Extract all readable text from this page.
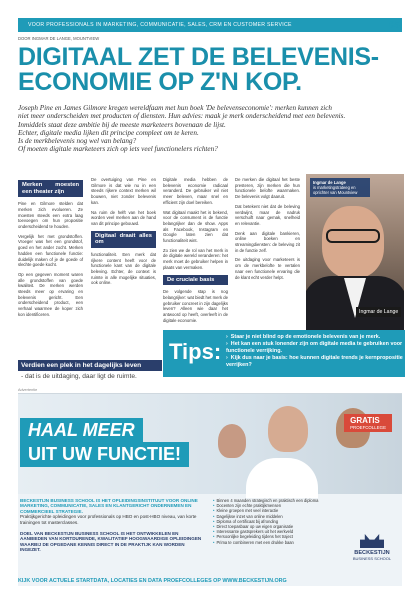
VOOR PROFESSIONALS IN MARKETING, COMMUNICATIE, SALES, CRM EN CUSTOMER SERVICE	05
DOOR INGMAR DE LANGE, MOUNTVIEW
DIGITAAL ZET DE BELEVENIS-ECONOMIE OP Z'N KOP.

Joseph Pine en James Gilmore kregen wereldfaam met hun boek 'De belevenseconomie': merken kunnen zich

niet meer onderscheiden met producten of diensten. Hun advies: maak je merk onderscheidend met een belevenis.

Inmiddels staat deze ambitie bij de meeste marketeers bovenaan de lijst.

Echter, digitale media lijken dit principe compleet om te keren.

Is de merkbelevenis nog wel van belang?

Of moeten digitale marketeers zich op iets veel functionelers richten?

Merken moesten een theater zijn

Pine en Gilmore stelden dat merken zich evolueren. Ze moesten steeds een extra laag toevoegen om hun propositie onderscheidend te houden.

Vergelijk het met grondstoffen. Vroeger was het een grondstof, goed en het ander zocht. Merken hadden een functionele functie: duidelijk maken of je de goede of slechte goede kocht.

Op een gegeven moment waren alle grondstoffen van goede kwaliteit. De merken werden steeds meer op ervaring en belevenis gericht. Een onderscheidend product, een verhaal waarmee de koper zich kon identificeren.

De overtuiging van Pine en Gilmore is dat wie nu in een steeds rijkere context merken wil bouwen, niet zonder belevenis kan.

Na ruim de helft van het boek worden veel merken aan de hand van dit principe gebouwd.

Digitaal draait alles om

functionaliteit. Een merk dat rijkere content heeft voor de functionele kant van de digitale beleving. Echter, de context is ruimte in alle mogelijke situaties, ook online.

Digitale media hebben de belevenis economie radicaal veranderd. De gebruiker wil niet meer beleven, maar snel en efficient zijn doel bereiken.

Wat digitaal maakt het is bekend, voor de consument is de functie belangrijker dan de show. Apps als Facebook, Instagram en Google laten zien dat functionaliteit wint.

Zo zien we de rol van het merk in de digitale wereld veranderen: het merk moet de gebruiker helpen in plaats van vermaken.

De cruciale basis

De volgende stap is nog belangrijker: wat biedt het merk de gebruiker concreet in zijn dagelijks leven? Alleen wie daar het antwoord op heeft, overleeft in de digitale economie.

De merken die digitaal het beste presteren, zijn merken die hun functionele belofte waarmaken. De belevenis volgt daaruit.

Dat betekent niet dat de beleving verdwijnt, maar de nadruk verschuift naar gemak, snelheid en relevantie.

Denk aan digitale bankieren, online boeken en streamingdiensten: de beleving zit in de functie zelf.

De uitdaging voor marketeers is om de merkbelofte te vertalen naar een functionele ervaring die de klant echt verder helpt.

Ingmar de Lange
is marketingstrateeg en oprichter van Mountview
Ingmar de Lange
Verdien een plek in het dagelijks leven
- dat is de uitdaging, daar ligt de ruimte.
Tips:
› Staar je niet blind op de emotionele belevenis van je merk.
› Het kan een stuk lonender zijn om digitale media te gebruiken voor functionele verrijking.
› Kijk dus naar je basis: hoe kunnen digitale trends je kernpropositie verrijken?
Advertentie
HAAL MEER
UIT UW FUNCTIE!
GRATIS
PROEFCOLLEGE
BECKESTIJN BUSINESS SCHOOL IS HET OPLEIDINGSINSTITUUT VOOR ONLINE MARKETING, COMMUNICATIE, SALES EN KLANTGERICHT ONDERNEMEN EN COMMERCIEEL STRATEGIE.
Praktijkgerichte opleidingen voor professionals op HBO en post-HBO niveau, van korte trainingen tot masterclasses.
DOEL VAN BECKESTIJN BUSINESS SCHOOL IS HET ONTWIKKELEN EN AANBIEDEN VAN KORTDURENDE, KWALITATIEF HOOGWAARDIGE OPLEIDINGEN WAARBIJ DE OPGEDANE KENNIS DIRECT IN DE PRAKTIJK KAN WORDEN INGEZET.
• Binnen 4 maanden strategisch en praktisch een diploma
• Docenten zijn echte praktijkmensen
• Kleine groepen met veel interactie
• Dagelijkse inzet van online middelen
• Diploma of certificaat bij afronding
• Direct toepasbaar op uw eigen organisatie
• Interessante gastsprekers uit het werkveld
• Persoonlijke begeleiding tijdens het traject
• Prima te combineren met een drukke baan
BECKESTIJN
BUSINESS SCHOOL
KIJK VOOR ACTUELE STARTDATA, LOCATIES EN DATA PROEFCOLLEGES OP WWW.BECKESTIJN.ORG
